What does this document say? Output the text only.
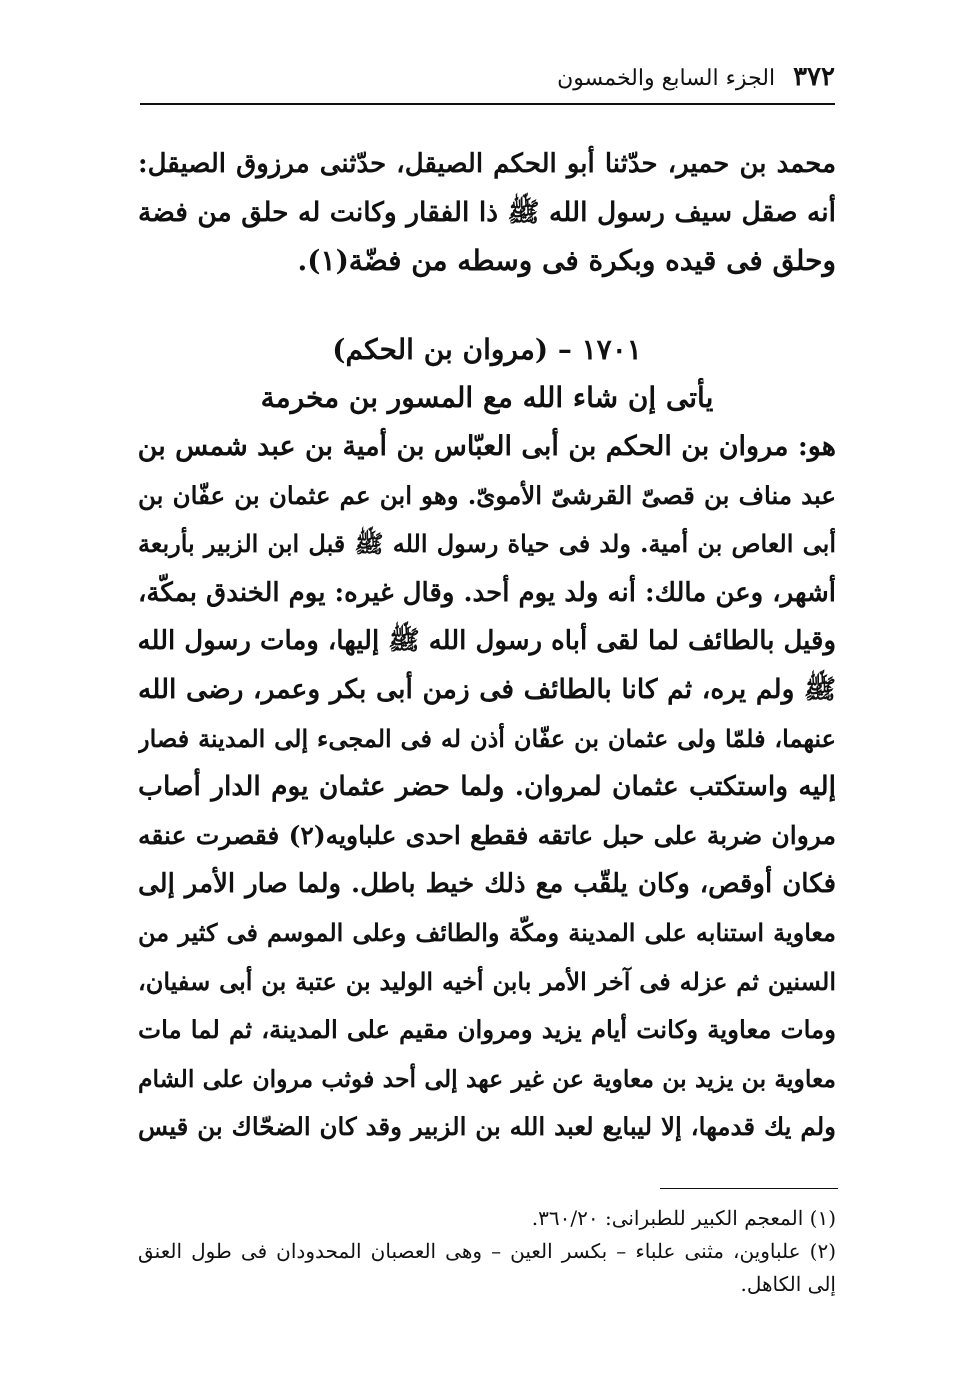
٣٧٢
الجزء السابع والخمسون
محمد بن حمير، حدّثنا أبو الحكم الصيقل، حدّثنى مرزوق الصيقل:
أنه صقل سيف رسول الله ﷺ ذا الفقار وكانت له حلق من فضة
وحلق فى قيده وبكرة فى وسطه من فضّة(١).
١٧٠١ – (مروان بن الحكم)
يأتى إن شاء الله مع المسور بن مخرمة
هو: مروان بن الحكم بن أبى العبّاس بن أمية بن عبد شمس بن
عبد مناف بن قصىّ القرشىّ الأموىّ. وهو ابن عم عثمان بن عفّان بن
أبى العاص بن أمية. ولد فى حياة رسول الله ﷺ قبل ابن الزبير بأربعة
أشهر، وعن مالك: أنه ولد يوم أحد. وقال غيره: يوم الخندق بمكّة،
وقيل بالطائف لما لقى أباه رسول الله ﷺ إليها، ومات رسول الله
ﷺ ولم يره، ثم كانا بالطائف فى زمن أبى بكر وعمر، رضى الله
عنهما، فلمّا ولى عثمان بن عفّان أذن له فى المجىء إلى المدينة فصار
إليه واستكتب عثمان لمروان. ولما حضر عثمان يوم الدار أصاب
مروان ضربة على حبل عاتقه فقطع احدى علباويه(٢) فقصرت عنقه
فكان أوقص، وكان يلقّب مع ذلك خيط باطل. ولما صار الأمر إلى
معاوية استنابه على المدينة ومكّة والطائف وعلى الموسم فى كثير من
السنين ثم عزله فى آخر الأمر بابن أخيه الوليد بن عتبة بن أبى سفيان،
ومات معاوية وكانت أيام يزيد ومروان مقيم على المدينة، ثم لما مات
معاوية بن يزيد بن معاوية عن غير عهد إلى أحد فوثب مروان على الشام
ولم يك قدمها، إلا ليبايع لعبد الله بن الزبير وقد كان الضحّاك بن قيس
(١) المعجم الكبير للطبرانى: ٣٦٠/٢٠.
(٢) علباوين، مثنى علباء – بكسر العين – وهى العصبان المحدودان فى طول العنق
إلى الكاهل.
